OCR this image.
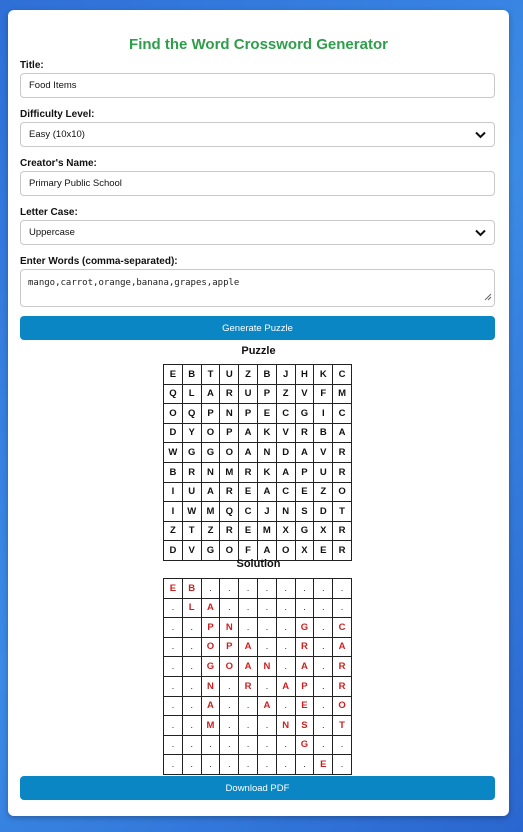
Find the Word Crossword Generator
Title:
Food Items
Difficulty Level:
Easy (10x10)
Creator's Name:
Primary Public School
Letter Case:
Uppercase
Enter Words (comma-separated):
mango,carrot,orange,banana,grapes,apple
Generate Puzzle
Puzzle
E	B	T	U	Z	B	J	H	K	C
Q	L	A	R	U	P	Z	V	F	M
O	Q	P	N	P	E	C	G	I	C
D	Y	O	P	A	K	V	R	B	A
W	G	G	O	A	N	D	A	V	R
B	R	N	M	R	K	A	P	U	R
I	U	A	R	E	A	C	E	Z	O
I	W	M	Q	C	J	N	S	D	T
Z	T	Z	R	E	M	X	G	X	R
D	V	G	O	F	A	O	X	E	R
Solution
E	B	.	.	.	.	.	.	.	.
.	L	A	.	.	.	.	.	.	.
.	.	P	N	.	.	.	G	.	C
.	.	O	P	A	.	.	R	.	A
.	.	G	O	A	N	.	A	.	R
.	.	N	.	R	.	A	P	.	R
.	.	A	.	.	A	.	E	.	O
.	.	M	.	.	.	N	S	.	T
.	.	.	.	.	.	.	G	.	.
.	.	.	.	.	.	.	.	E	.
Download PDF
